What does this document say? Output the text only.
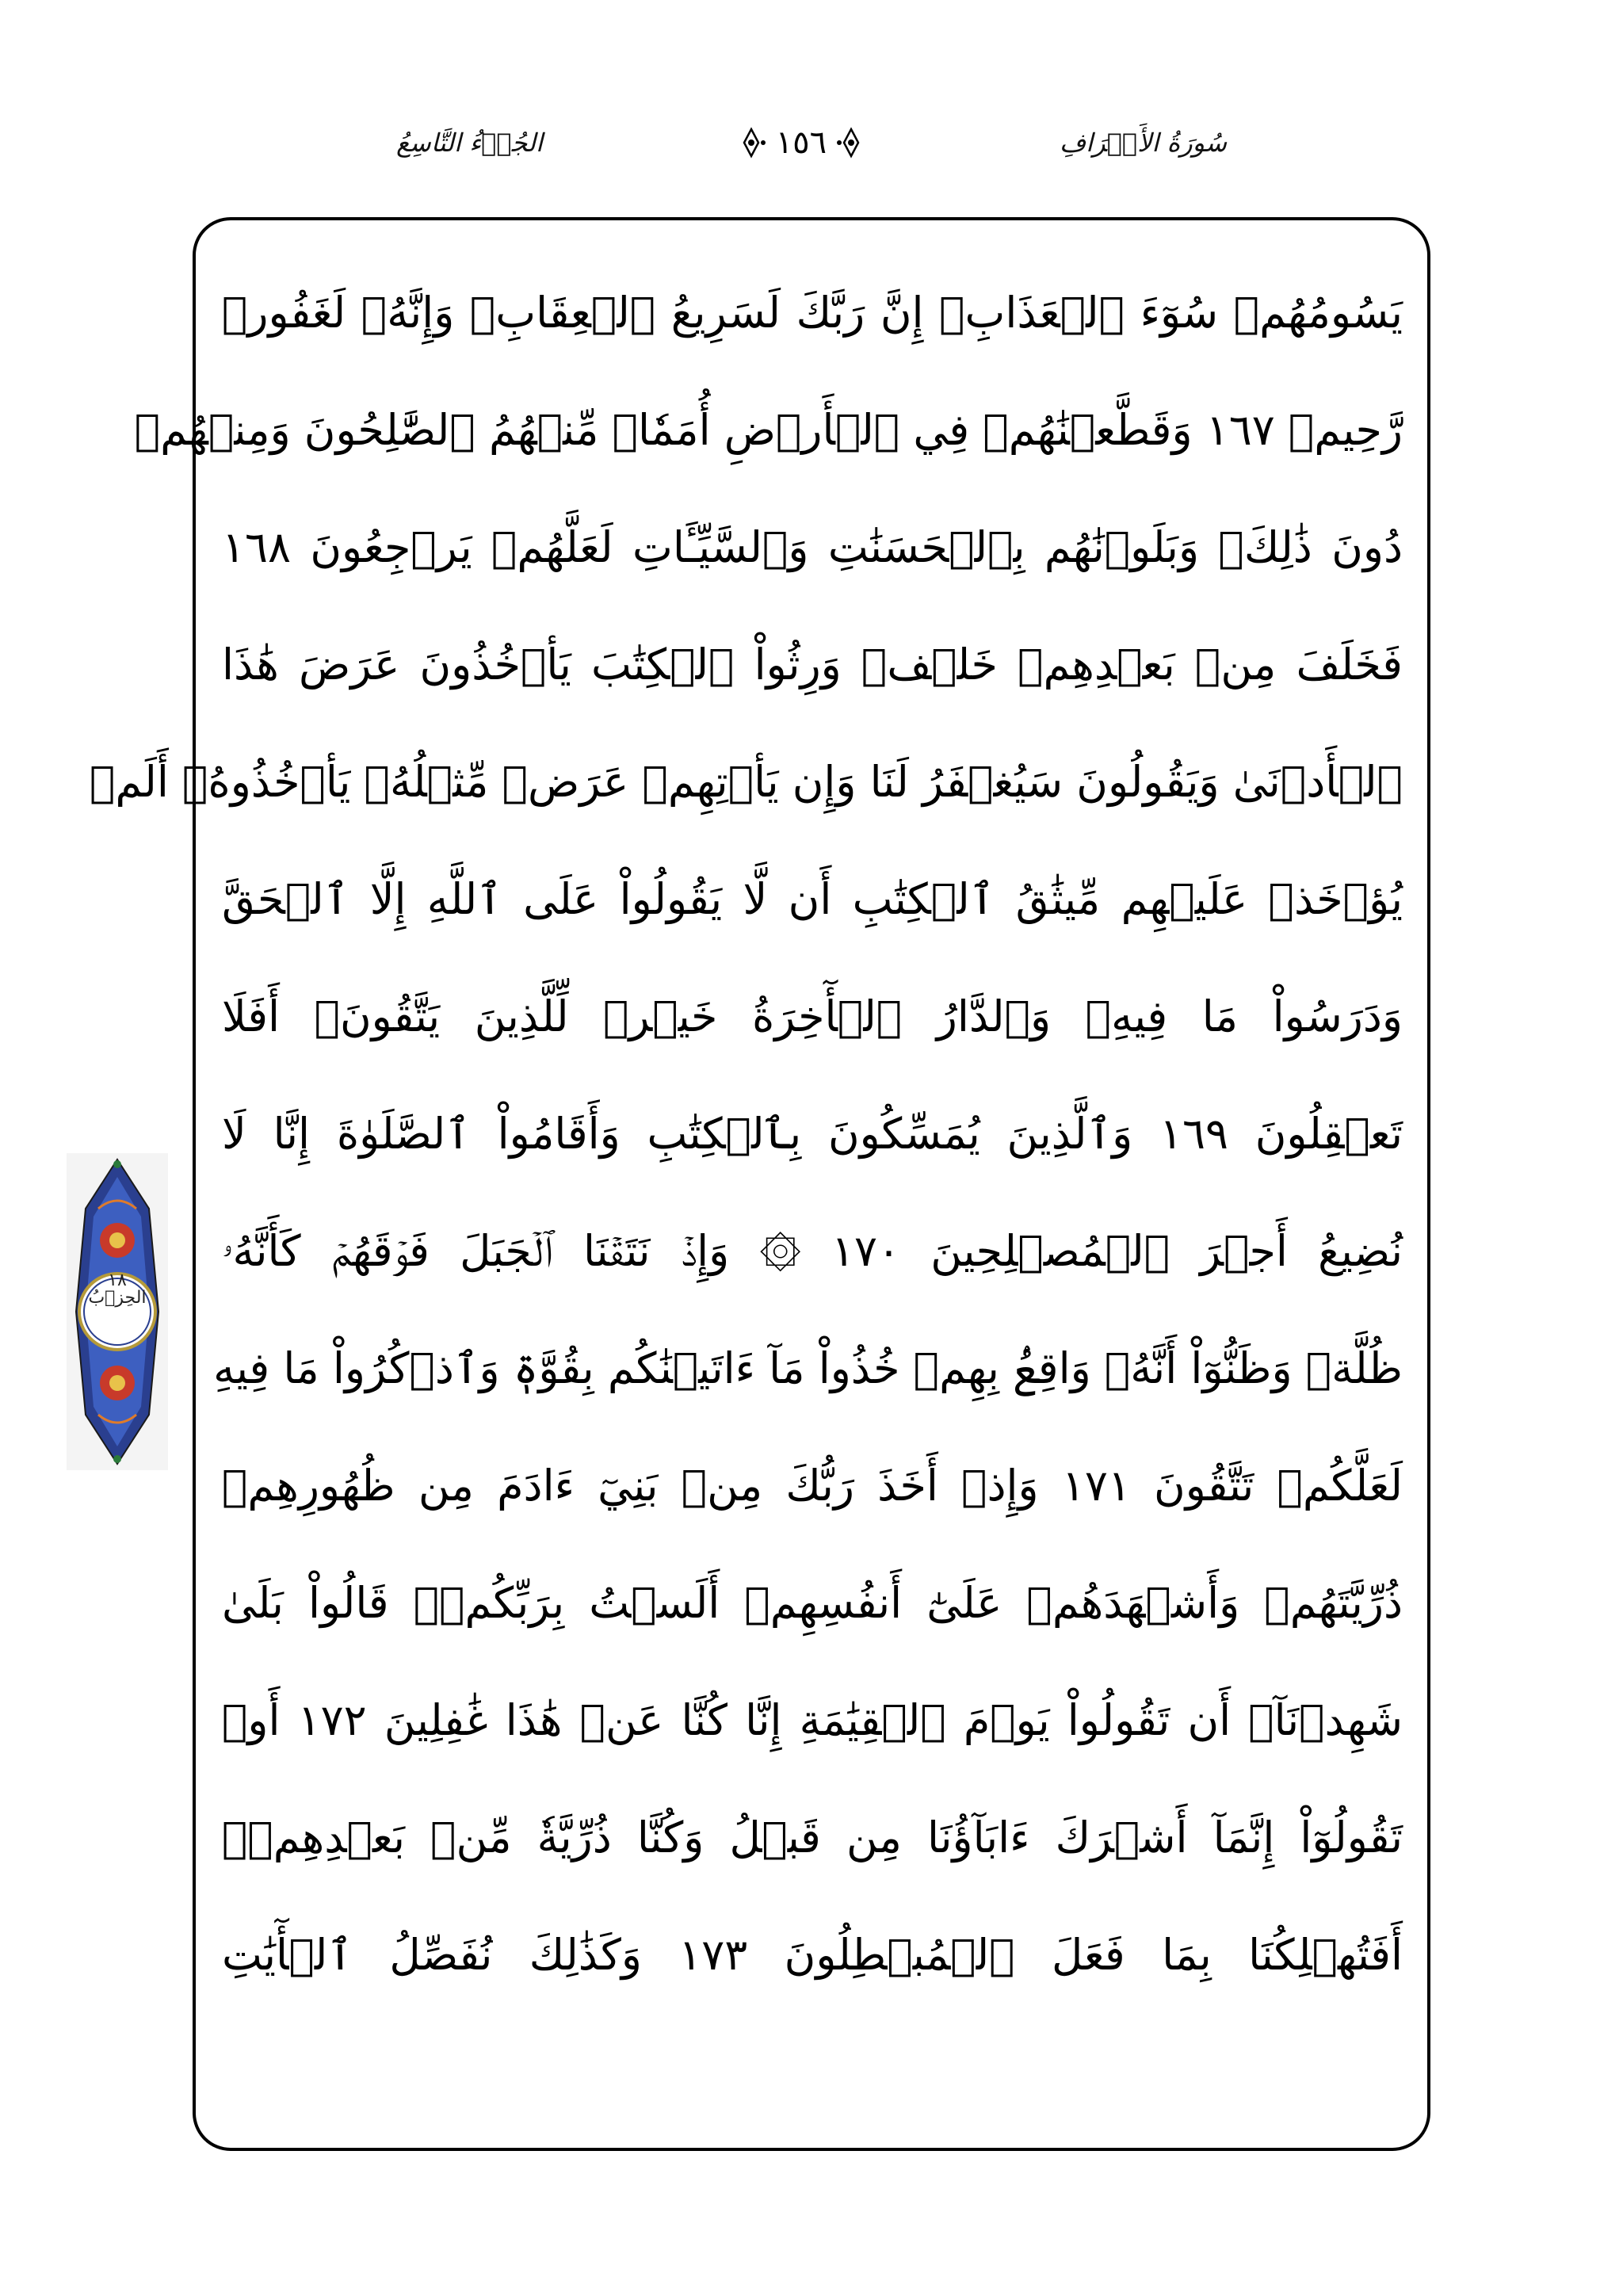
سُورَةُ الأَعۡرَافِ
١٥٦
الجُزۡءُ التَّاسِعُ
يَسُومُهُمۡ سُوٓءَ ٱلۡعَذَابِۗ إِنَّ رَبَّكَ لَسَرِيعُ ٱلۡعِقَابِۖ وَإِنَّهُۥ لَغَفُورٞ
رَّحِيمٞ ١٦٧ وَقَطَّعۡنَٰهُمۡ فِي ٱلۡأَرۡضِ أُمَمٗاۖ مِّنۡهُمُ ٱلصَّٰلِحُونَ وَمِنۡهُمۡ
دُونَ ذَٰلِكَۖ وَبَلَوۡنَٰهُم بِٱلۡحَسَنَٰتِ وَٱلسَّيِّـَٔاتِ لَعَلَّهُمۡ يَرۡجِعُونَ ١٦٨
فَخَلَفَ مِنۢ بَعۡدِهِمۡ خَلۡفٞ وَرِثُواْ ٱلۡكِتَٰبَ يَأۡخُذُونَ عَرَضَ هَٰذَا
ٱلۡأَدۡنَىٰ وَيَقُولُونَ سَيُغۡفَرُ لَنَا وَإِن يَأۡتِهِمۡ عَرَضٞ مِّثۡلُهُۥ يَأۡخُذُوهُۚ أَلَمۡ
يُؤۡخَذۡ عَلَيۡهِم مِّيثَٰقُ ٱلۡكِتَٰبِ أَن لَّا يَقُولُواْ عَلَى ٱللَّهِ إِلَّا ٱلۡحَقَّ
وَدَرَسُواْ مَا فِيهِۗ وَٱلدَّارُ ٱلۡأٓخِرَةُ خَيۡرٞ لِّلَّذِينَ يَتَّقُونَۚ أَفَلَا
تَعۡقِلُونَ ١٦٩ وَٱلَّذِينَ يُمَسِّكُونَ بِٱلۡكِتَٰبِ وَأَقَامُواْ ٱلصَّلَوٰةَ إِنَّا لَا
نُضِيعُ أَجۡرَ ٱلۡمُصۡلِحِينَ ١٧٠ ۞ وَإِذۡ نَتَقۡنَا ٱلۡجَبَلَ فَوۡقَهُمۡ كَأَنَّهُۥ
ظُلَّةٞ وَظَنُّوٓاْ أَنَّهُۥ وَاقِعُۢ بِهِمۡ خُذُواْ مَآ ءَاتَيۡنَٰكُم بِقُوَّةٖ وَٱذۡكُرُواْ مَا فِيهِ
لَعَلَّكُمۡ تَتَّقُونَ ١٧١ وَإِذۡ أَخَذَ رَبُّكَ مِنۢ بَنِيٓ ءَادَمَ مِن ظُهُورِهِمۡ
ذُرِّيَّتَهُمۡ وَأَشۡهَدَهُمۡ عَلَىٰٓ أَنفُسِهِمۡ أَلَسۡتُ بِرَبِّكُمۡۖ قَالُواْ بَلَىٰ
شَهِدۡنَآۚ أَن تَقُولُواْ يَوۡمَ ٱلۡقِيَٰمَةِ إِنَّا كُنَّا عَنۡ هَٰذَا غَٰفِلِينَ ١٧٢ أَوۡ
تَقُولُوٓاْ إِنَّمَآ أَشۡرَكَ ءَابَآؤُنَا مِن قَبۡلُ وَكُنَّا ذُرِّيَّةٗ مِّنۢ بَعۡدِهِمۡۖ
أَفَتُهۡلِكُنَا بِمَا فَعَلَ ٱلۡمُبۡطِلُونَ ١٧٣ وَكَذَٰلِكَ نُفَصِّلُ ٱلۡأٓيَٰتِ
١٨
الحِزۡبُ
